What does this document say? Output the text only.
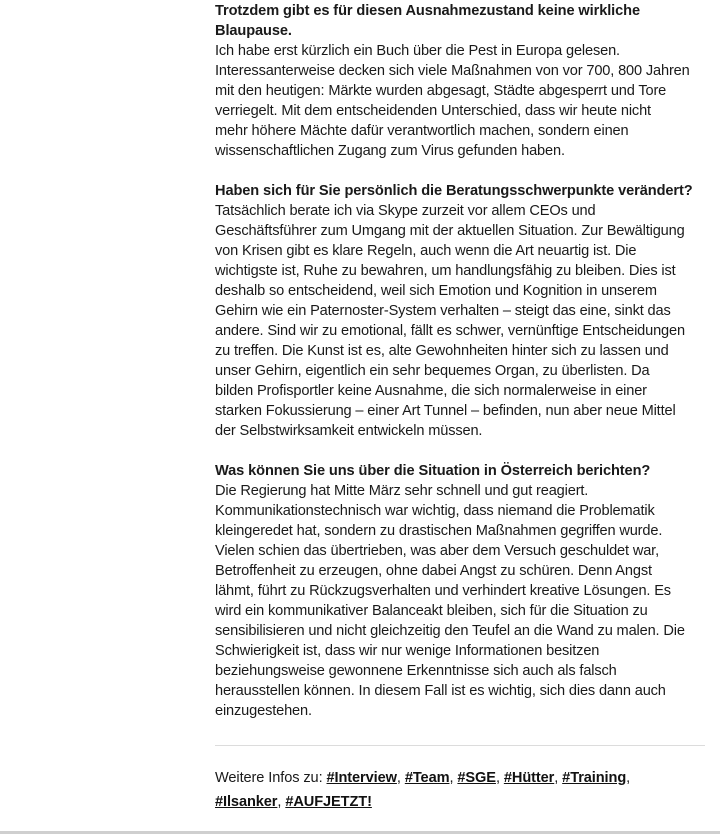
Trotzdem gibt es für diesen Ausnahmezustand keine wirkliche
Blaupause.

Ich habe erst kürzlich ein Buch über die Pest in Europa gelesen.
Interessanterweise decken sich viele Maßnahmen von vor 700, 800 Jahren
mit den heutigen: Märkte wurden abgesagt, Städte abgesperrt und Tore
verriegelt. Mit dem entscheidenden Unterschied, dass wir heute nicht
mehr höhere Mächte dafür verantwortlich machen, sondern einen
wissenschaftlichen Zugang zum Virus gefunden haben.

Haben sich für Sie persönlich die Beratungsschwerpunkte verändert?

Tatsächlich berate ich via Skype zurzeit vor allem CEOs und
Geschäftsführer zum Umgang mit der aktuellen Situation. Zur Bewältigung
von Krisen gibt es klare Regeln, auch wenn die Art neuartig ist. Die
wichtigste ist, Ruhe zu bewahren, um handlungsfähig zu bleiben. Dies ist
deshalb so entscheidend, weil sich Emotion und Kognition in unserem
Gehirn wie ein Paternoster-System verhalten – steigt das eine, sinkt das
andere. Sind wir zu emotional, fällt es schwer, vernünftige Entscheidungen
zu treffen. Die Kunst ist es, alte Gewohnheiten hinter sich zu lassen und
unser Gehirn, eigentlich ein sehr bequemes Organ, zu überlisten. Da
bilden Profisportler keine Ausnahme, die sich normalerweise in einer
starken Fokussierung – einer Art Tunnel – befinden, nun aber neue Mittel
der Selbstwirksamkeit entwickeln müssen.

Was können Sie uns über die Situation in Österreich berichten?

Die Regierung hat Mitte März sehr schnell und gut reagiert.
Kommunikationstechnisch war wichtig, dass niemand die Problematik
kleingeredet hat, sondern zu drastischen Maßnahmen gegriffen wurde.
Vielen schien das übertrieben, was aber dem Versuch geschuldet war,
Betroffenheit zu erzeugen, ohne dabei Angst zu schüren. Denn Angst
lähmt, führt zu Rückzugsverhalten und verhindert kreative Lösungen. Es
wird ein kommunikativer Balanceakt bleiben, sich für die Situation zu
sensibilisieren und nicht gleichzeitig den Teufel an die Wand zu malen. Die
Schwierigkeit ist, dass wir nur wenige Informationen besitzen
beziehungsweise gewonnene Erkenntnisse sich auch als falsch
herausstellen können. In diesem Fall ist es wichtig, sich dies dann auch
einzugestehen.

Weitere Infos zu: #Interview, #Team, #SGE, #Hütter, #Training,
#Ilsanker, #AUFJETZT!
